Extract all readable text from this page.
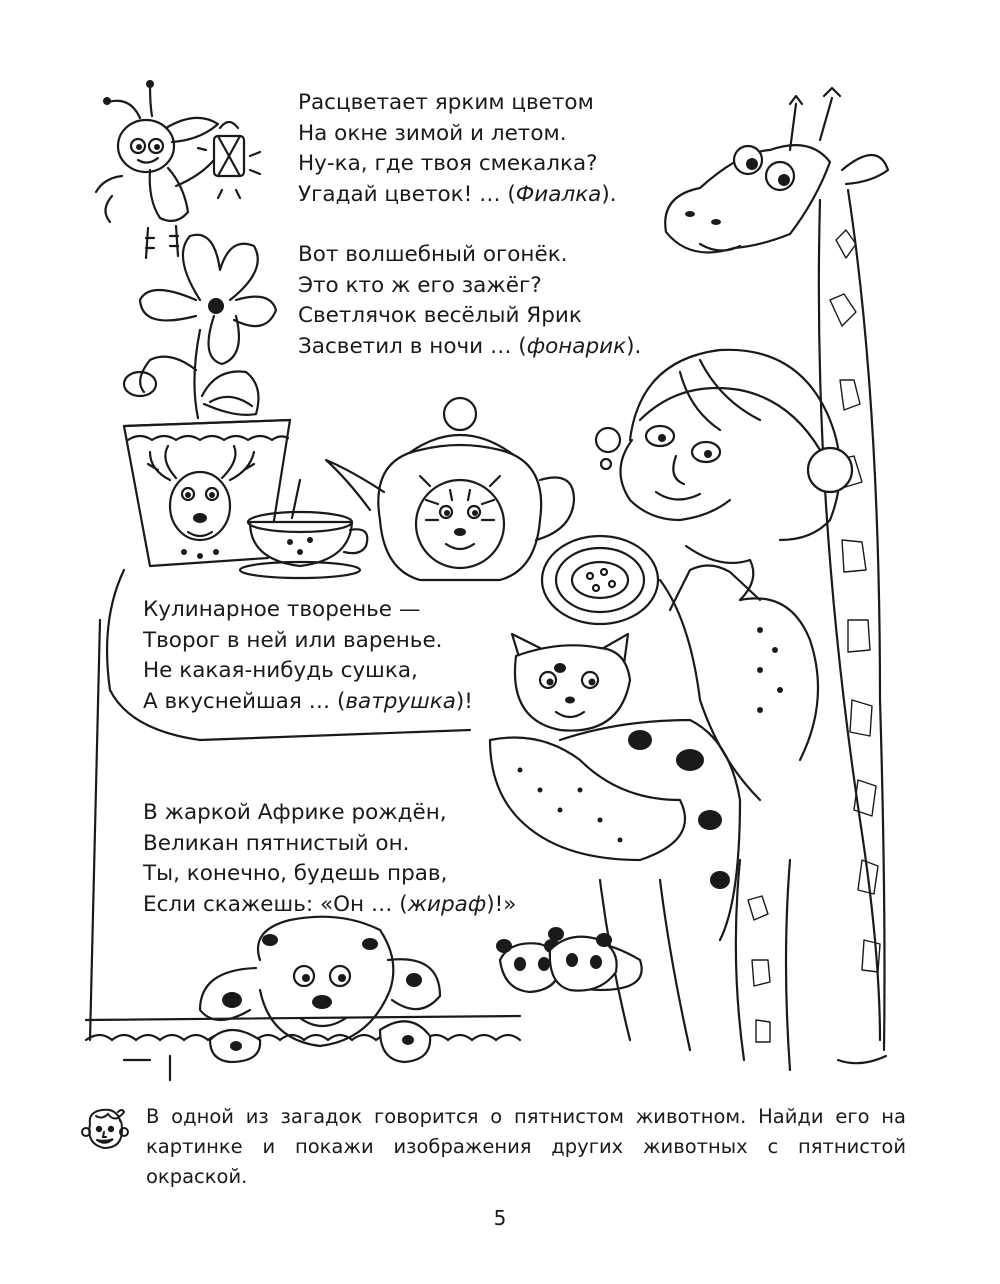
Расцветает ярким цветом
На окне зимой и летом.
Ну-ка, где твоя смекалка?
Угадай цветок! … (Фиалка).
Вот волшебный огонёк.
Это кто ж его зажёг?
Светлячок весёлый Ярик
Засветил в ночи … (фонарик).
Кулинарное творенье —
Творог в ней или варенье.
Не какая-нибудь сушка,
А вкуснейшая … (ватрушка)!
В жаркой Африке рождён,
Великан пятнистый он.
Ты, конечно, будешь прав,
Если скажешь: «Он … (жираф)!»
В одной из загадок говорится о пятнистом животном. Найди его на картинке и покажи изображения других животных с пятнистой окраской.
5
